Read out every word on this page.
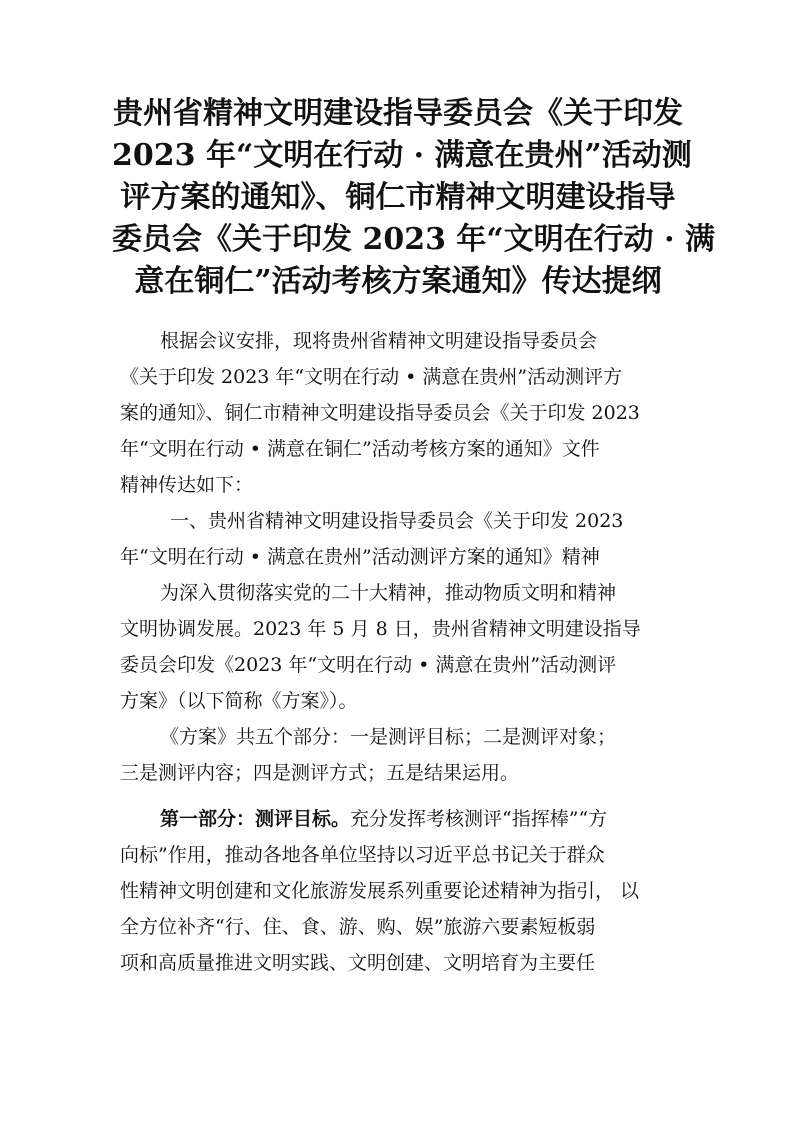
贵州省精神文明建设指导委员会《关于印发
2023 年“文明在行动 · 满意在贵州”活动测
评方案的通知》、铜仁市精神文明建设指导
委员会《关于印发 2023 年“文明在行动 · 满
意在铜仁”活动考核方案通知》传达提纲
根据会议安排，现将贵州省精神文明建设指导委员会
《关于印发 2023 年“文明在行动 • 满意在贵州”活动测评方
案的通知》、铜仁市精神文明建设指导委员会《关于印发 2023
年“文明在行动 • 满意在铜仁”活动考核方案的通知》文件
精神传达如下：
一、贵州省精神文明建设指导委员会《关于印发 2023
年“文明在行动 • 满意在贵州”活动测评方案的通知》精神
为深入贯彻落实党的二十大精神，推动物质文明和精神
文明协调发展。2023 年 5 月 8 日，贵州省精神文明建设指导
委员会印发《2023 年“文明在行动 • 满意在贵州”活动测评
方案》（以下简称《方案》）。
《方案》共五个部分：一是测评目标；二是测评对象；
三是测评内容；四是测评方式；五是结果运用。
第一部分：测评目标。充分发挥考核测评“指挥棒”“方
向标”作用，推动各地各单位坚持以习近平总书记关于群众
性精神文明创建和文化旅游发展系列重要论述精神为指引， 以
全方位补齐“行、住、食、游、购、娱”旅游六要素短板弱
项和高质量推进文明实践、文明创建、文明培育为主要任
